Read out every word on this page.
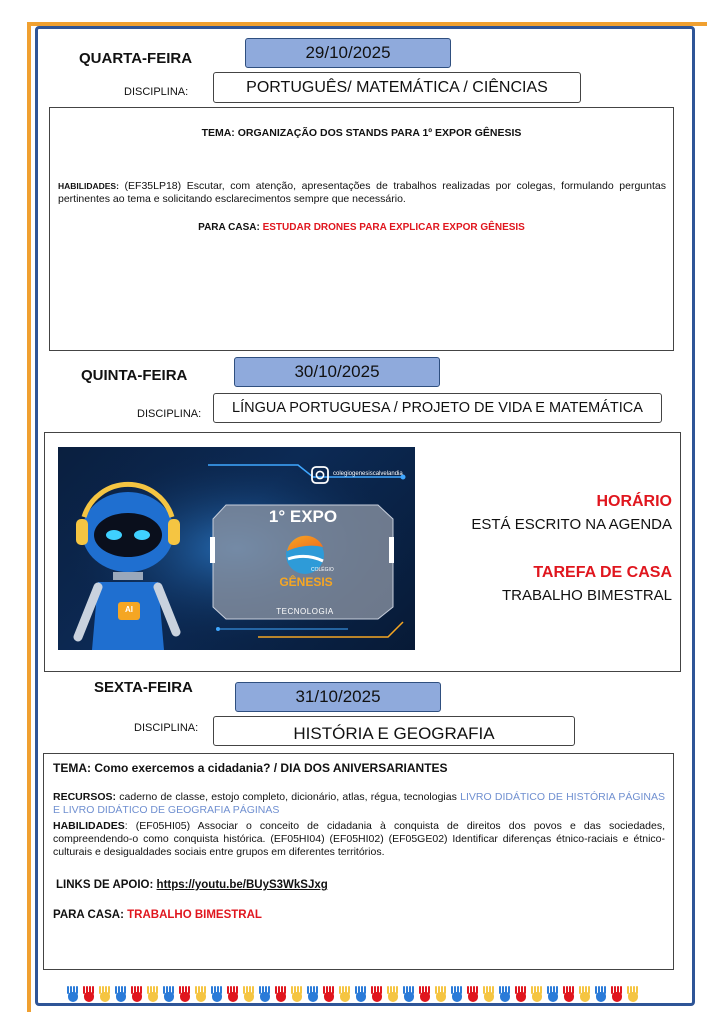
QUARTA-FEIRA	29/10/2025
DISCIPLINA:	PORTUGUÊS/ MATEMÁTICA / CIÊNCIAS
TEMA: ORGANIZAÇÃO DOS STANDS PARA 1º EXPOR GÊNESIS
HABILIDADES: (EF35LP18) Escutar, com atenção, apresentações de trabalhos realizadas por colegas, formulando perguntas pertinentes ao tema e solicitando esclarecimentos sempre que necessário.
PARA CASA: ESTUDAR DRONES PARA EXPLICAR EXPOR GÊNESIS
QUINTA-FEIRA	30/10/2025
DISCIPLINA:	LÍNGUA PORTUGUESA / PROJETO DE VIDA E MATEMÁTICA
colegiogenesiscalvelandia
1° EXPO
COLÉGIO
GÊNESIS
TECNOLOGIA
AI
HORÁRIO
ESTÁ ESCRITO NA AGENDA
TAREFA DE CASA
TRABALHO BIMESTRAL
SEXTA-FEIRA	31/10/2025
DISCIPLINA:	HISTÓRIA E GEOGRAFIA
TEMA: Como exercemos a cidadania? / DIA DOS ANIVERSARIANTES
RECURSOS: caderno de classe, estojo completo, dicionário, atlas, régua, tecnologias LIVRO DIDÁTICO DE HISTÓRIA PÁGINAS E LIVRO DIDÁTICO DE GEOGRAFIA PÁGINAS
HABILIDADES: (EF05HI05) Associar o conceito de cidadania à conquista de direitos dos povos e das sociedades, compreendendo-o como conquista histórica. (EF05HI04) (EF05HI02) (EF05GE02) Identificar diferenças étnico-raciais e étnico-culturais e desigualdades sociais entre grupos em diferentes territórios.
LINKS DE APOIO: https://youtu.be/BUyS3WkSJxg
PARA CASA: TRABALHO BIMESTRAL
